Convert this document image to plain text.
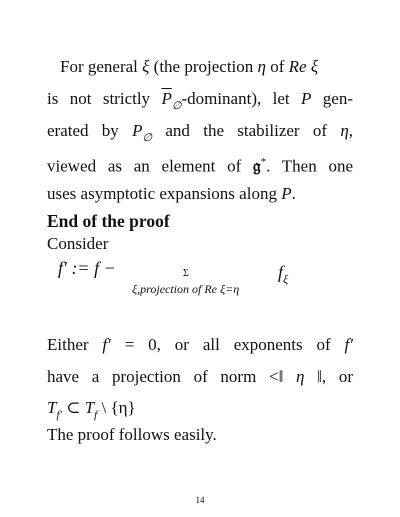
For general ξ (the projection η of Re ξ
is not strictly $\overline{P}_\emptyset-dominant$), let P gen-
erated by $P_\emptyset$ and the stabilizer of η,
viewed as an element of 𝔤*. Then one
uses asymptotic expansions along P.
End of the proof
Consider
f′ := f −	Σ
ξ,projection of Re ξ=η
$f_\xi$
Either f′ = 0, or all exponents of f′
have a projection of norm <‖ η ‖, or
$T_{f'}$ ⊂ $T_f$ \ {η}
The proof follows easily.
14
